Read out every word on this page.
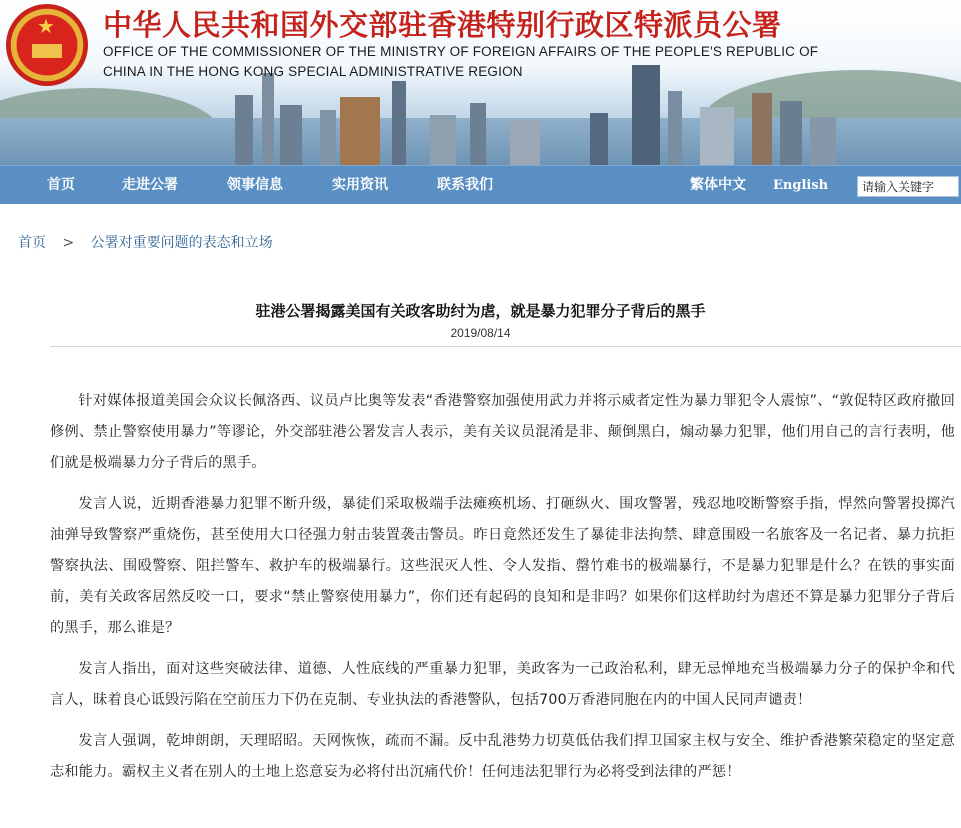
★ 中华人民共和国外交部驻香港特别行政区特派员公署
OFFICE OF THE COMMISSIONER OF THE MINISTRY OF FOREIGN AFFAIRS OF THE PEOPLE'S REPUBLIC OF CHINA IN THE HONG KONG SPECIAL ADMINISTRATIVE REGION
首页	走进公署	领事信息	实用资讯	联系我们	繁体中文 English
请输入关键字
首页 > 公署对重要问题的表态和立场
驻港公署揭露美国有关政客助纣为虐，就是暴力犯罪分子背后的黑手
2019/08/14

针对媒体报道美国会众议长佩洛西、议员卢比奥等发表“香港警察加强使用武力并将示威者定性为暴力罪犯令人震惊”、“敦促特区政府撤回修例、禁止警察使用暴力”等谬论，外交部驻港公署发言人表示，美有关议员混淆是非、颠倒黑白，煽动暴力犯罪，他们用自己的言行表明，他们就是极端暴力分子背后的黑手。

发言人说，近期香港暴力犯罪不断升级，暴徒们采取极端手法瘫痪机场、打砸纵火、围攻警署，残忍地咬断警察手指，悍然向警署投掷汽油弹导致警察严重烧伤，甚至使用大口径强力射击装置袭击警员。昨日竟然还发生了暴徒非法拘禁、肆意围殴一名旅客及一名记者、暴力抗拒警察执法、围殴警察、阻拦警车、救护车的极端暴行。这些泯灭人性、令人发指、罄竹难书的极端暴行，不是暴力犯罪是什么？在铁的事实面前，美有关政客居然反咬一口，要求“禁止警察使用暴力”，你们还有起码的良知和是非吗？如果你们这样助纣为虐还不算是暴力犯罪分子背后的黑手，那么谁是？

发言人指出，面对这些突破法律、道德、人性底线的严重暴力犯罪，美政客为一己政治私利，肆无忌惮地充当极端暴力分子的保护伞和代言人，昧着良心诋毁污陷在空前压力下仍在克制、专业执法的香港警队，包括700万香港同胞在内的中国人民同声谴责！

发言人强调，乾坤朗朗，天理昭昭。天网恢恢，疏而不漏。反中乱港势力切莫低估我们捍卫国家主权与安全、维护香港繁荣稳定的坚定意志和能力。霸权主义者在别人的土地上恣意妄为必将付出沉痛代价！任何违法犯罪行为必将受到法律的严惩！
